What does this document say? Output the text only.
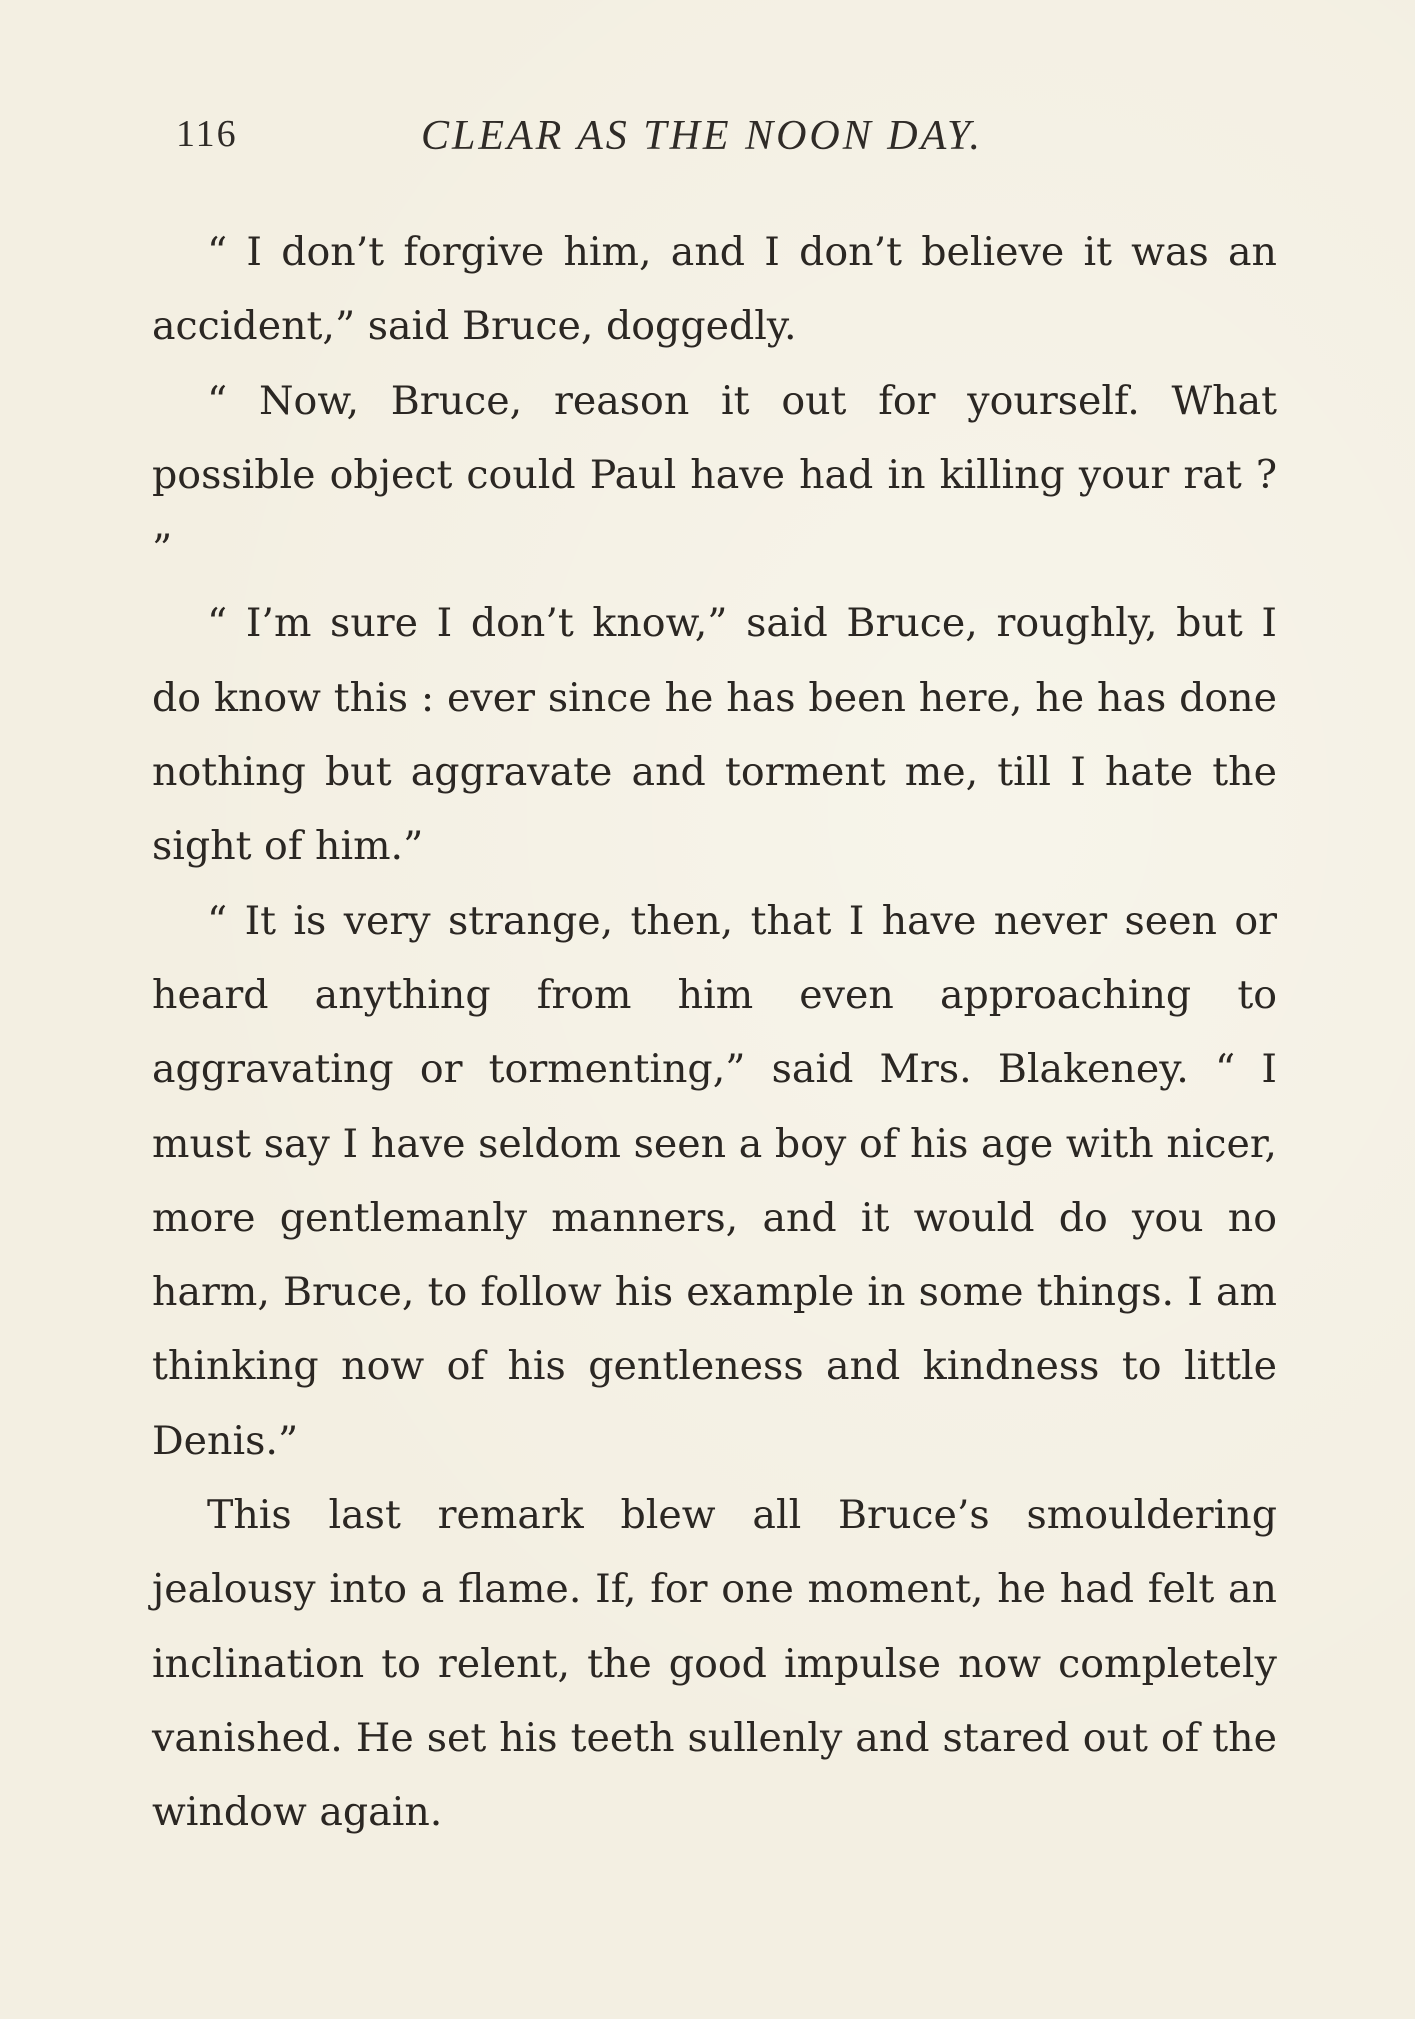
116	CLEAR AS THE NOON DAY.

“ I don’t forgive him, and I don’t believe it was an accident,” said Bruce, doggedly.

“ Now, Bruce, reason it out for yourself. What possible object could Paul have had in killing your rat ? ”

“ I’m sure I don’t know,” said Bruce, roughly, but I do know this : ever since he has been here, he has done nothing but aggravate and torment me, till I hate the sight of him.”

“ It is very strange, then, that I have never seen or heard anything from him even approaching to aggravating or tormenting,” said Mrs. Blakeney. “ I must say I have seldom seen a boy of his age with nicer, more gentlemanly manners, and it would do you no harm, Bruce, to follow his example in some things. I am thinking now of his gentleness and kindness to little Denis.”

This last remark blew all Bruce’s smouldering jealousy into a flame. If, for one moment, he had felt an inclination to relent, the good impulse now completely vanished. He set his teeth sullenly and stared out of the window again.
